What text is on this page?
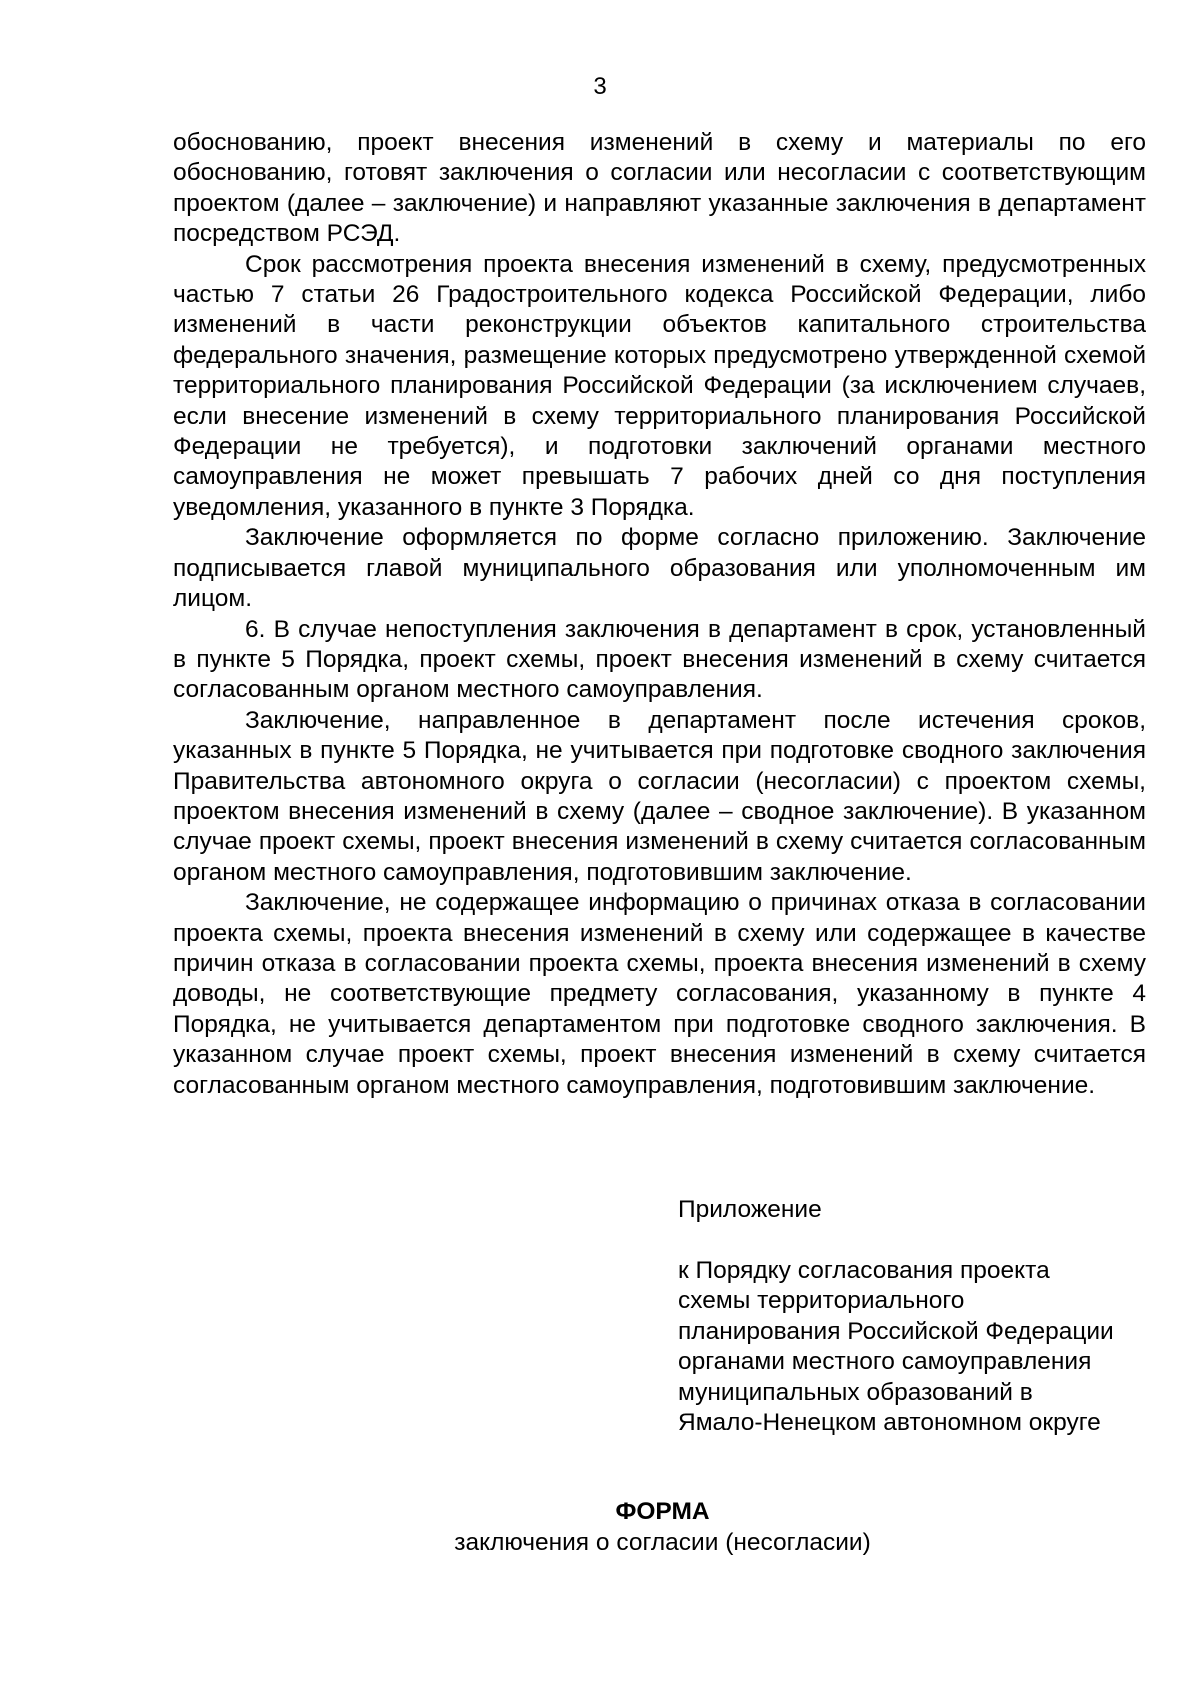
3

обоснованию, проект внесения изменений в схему и материалы по его обоснованию, готовят заключения о согласии или несогласии с соответствующим проектом (далее – заключение) и направляют указанные заключения в департамент посредством РСЭД.

Срок рассмотрения проекта внесения изменений в схему, предусмотренных частью 7 статьи 26 Градостроительного кодекса Российской Федерации, либо изменений в части реконструкции объектов капитального строительства федерального значения, размещение которых предусмотрено утвержденной схемой территориального планирования Российской Федерации (за исключением случаев, если внесение изменений в схему территориального планирования Российской Федерации не требуется), и подготовки заключений органами местного самоуправления не может превышать 7 рабочих дней со дня поступления уведомления, указанного в пункте 3 Порядка.

Заключение оформляется по форме согласно приложению. Заключение подписывается главой муниципального образования или уполномоченным им лицом.

6. В случае непоступления заключения в департамент в срок, установленный в пункте 5 Порядка, проект схемы, проект внесения изменений в схему считается согласованным органом местного самоуправления.

Заключение, направленное в департамент после истечения сроков, указанных в пункте 5 Порядка, не учитывается при подготовке сводного заключения Правительства автономного округа о согласии (несогласии) с проектом схемы, проектом внесения изменений в схему (далее – сводное заключение). В указанном случае проект схемы, проект внесения изменений в схему считается согласованным органом местного самоуправления, подготовившим заключение.

Заключение, не содержащее информацию о причинах отказа в согласовании проекта схемы, проекта внесения изменений в схему или содержащее в качестве причин отказа в согласовании проекта схемы, проекта внесения изменений в схему доводы, не соответствующие предмету согласования, указанному в пункте 4 Порядка, не учитывается департаментом при подготовке сводного заключения. В указанном случае проект схемы, проект внесения изменений в схему считается согласованным органом местного самоуправления, подготовившим заключение.

Приложение
к Порядку согласования проекта
схемы территориального
планирования Российской Федерации
органами местного самоуправления
муниципальных образований в
Ямало-Ненецком автономном округе
ФОРМА
заключения о согласии (несогласии)
